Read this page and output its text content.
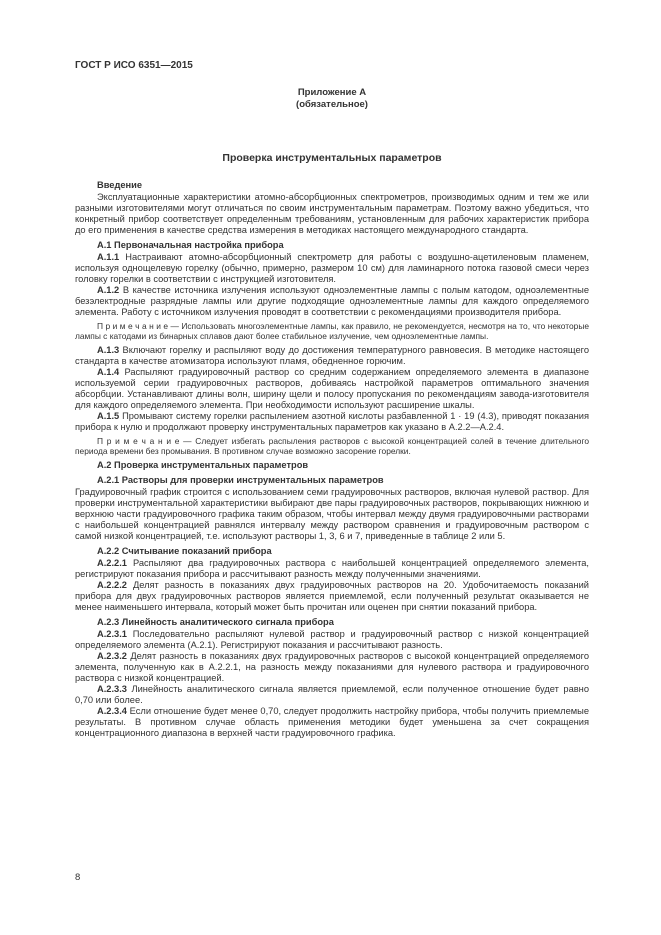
ГОСТ Р ИСО 6351—2015
Приложение А
(обязательное)
Проверка инструментальных параметров

Введение

Эксплуатационные характеристики атомно-абсорбционных спектрометров, производимых одним и тем же или разными изготовителями могут отличаться по своим инструментальным параметрам. Поэтому важно убедиться, что конкретный прибор соответствует определенным требованиям, установленным для рабочих характеристик прибора до его применения в качестве средства измерения в методиках настоящего международного стандарта.

А.1 Первоначальная настройка прибора

А.1.1 Настраивают атомно-абсорбционный спектрометр для работы с воздушно-ацетиленовым пламенем, используя однощелевую горелку (обычно, примерно, размером 10 см) для ламинарного потока газовой смеси через головку горелки в соответствии с инструкцией изготовителя.

А.1.2 В качестве источника излучения используют одноэлементные лампы с полым катодом, одноэлементные безэлектродные разрядные лампы или другие подходящие одноэлементные лампы для каждого определяемого элемента. Работу с источником излучения проводят в соответствии с рекомендациями производителя прибора.

П р и м е ч а н и е — Использовать многоэлементные лампы, как правило, не рекомендуется, несмотря на то, что некоторые лампы с катодами из бинарных сплавов дают более стабильное излучение, чем одноэлементные лампы.

А.1.3 Включают горелку и распыляют воду до достижения температурного равновесия. В методике настоящего стандарта в качестве атомизатора используют пламя, обедненное горючим.

А.1.4 Распыляют градуировочный раствор со средним содержанием определяемого элемента в диапазоне используемой серии градуировочных растворов, добиваясь настройкой параметров оптимального значения абсорбции. Устанавливают длины волн, ширину щели и полосу пропускания по рекомендациям завода-изготовителя для каждого определяемого элемента. При необходимости используют расширение шкалы.

А.1.5 Промывают систему горелки распылением азотной кислоты разбавленной 1 · 19 (4.3), приводят показания прибора к нулю и продолжают проверку инструментальных параметров как указано в А.2.2—А.2.4.

П р и м е ч а н и е — Следует избегать распыления растворов с высокой концентрацией солей в течение длительного периода времени без промывания. В противном случае возможно засорение горелки.

А.2 Проверка инструментальных параметров

А.2.1 Растворы для проверки инструментальных параметров

Градуировочный график строится с использованием семи градуировочных растворов, включая нулевой раствор. Для проверки инструментальной характеристики выбирают две пары градуировочных растворов, покрывающих нижнюю и верхнюю части градуировочного графика таким образом, чтобы интервал между двумя градуировочными растворами с наибольшей концентрацией равнялся интервалу между раствором сравнения и градуировочным раствором с самой низкой концентрацией, т.е. используют растворы 1, 3, 6 и 7, приведенные в таблице 2 или 5.

А.2.2 Считывание показаний прибора

А.2.2.1 Распыляют два градуировочных раствора с наибольшей концентрацией определяемого элемента, регистрируют показания прибора и рассчитывают разность между полученными значениями.

А.2.2.2 Делят разность в показаниях двух градуировочных растворов на 20. Удобочитаемость показаний прибора для двух градуировочных растворов является приемлемой, если полученный результат оказывается не менее наименьшего интервала, который может быть прочитан или оценен при снятии показаний прибора.

А.2.3 Линейность аналитического сигнала прибора

А.2.3.1 Последовательно распыляют нулевой раствор и градуировочный раствор с низкой концентрацией определяемого элемента (А.2.1). Регистрируют показания и рассчитывают разность.

А.2.3.2 Делят разность в показаниях двух градуировочных растворов с высокой концентрацией определяемого элемента, полученную как в А.2.2.1, на разность между показаниями для нулевого раствора и градуировочного раствора с низкой концентрацией.

А.2.3.3 Линейность аналитического сигнала является приемлемой, если полученное отношение будет равно 0,70 или более.

А.2.3.4 Если отношение будет менее 0,70, следует продолжить настройку прибора, чтобы получить приемлемые результаты. В противном случае область применения методики будет уменьшена за счет сокращения концентрационного диапазона в верхней части градуировочного графика.

8
